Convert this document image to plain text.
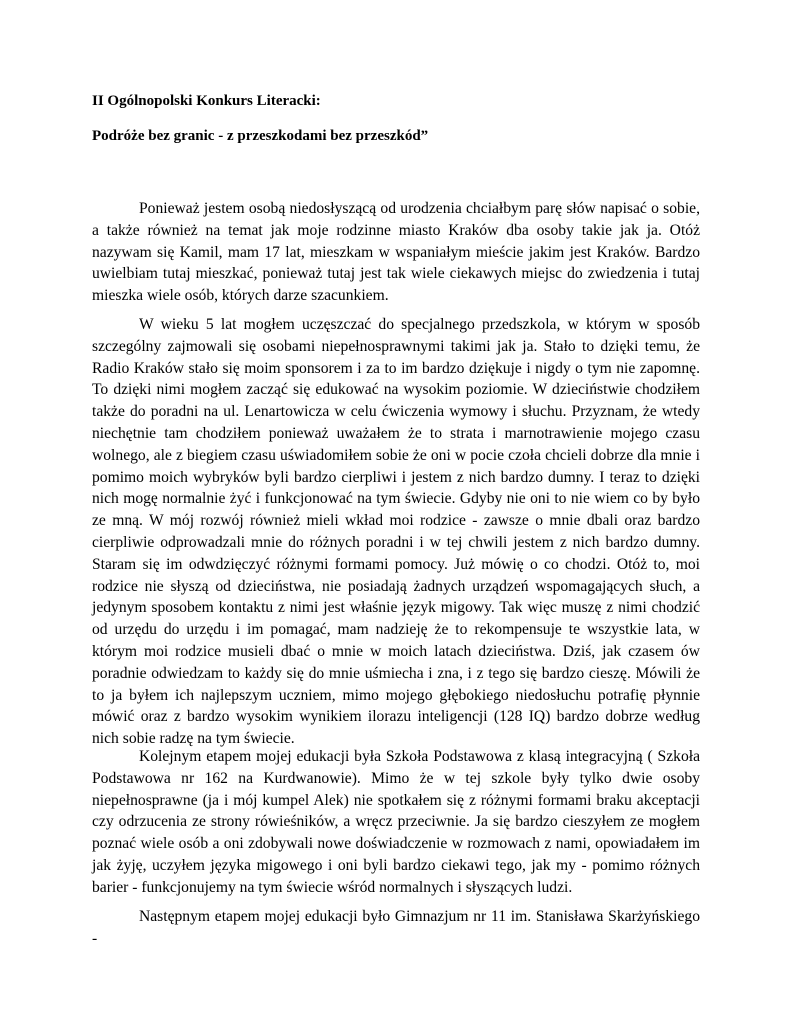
II Ogólnopolski Konkurs Literacki:

Podróże bez granic - z przeszkodami bez przeszkód”

Ponieważ jestem osobą niedosłyszącą od urodzenia chciałbym parę słów napisać o sobie, a także również na temat jak moje rodzinne miasto Kraków dba osoby takie jak ja. Otóż nazywam się Kamil, mam 17 lat, mieszkam w wspaniałym mieście jakim jest Kraków. Bardzo uwielbiam tutaj mieszkać, ponieważ tutaj jest tak wiele ciekawych miejsc do zwiedzenia i tutaj mieszka wiele osób, których darze szacunkiem.

W wieku 5 lat mogłem uczęszczać do specjalnego przedszkola, w którym w sposób szczególny zajmowali się osobami niepełnosprawnymi takimi jak ja. Stało to dzięki temu, że Radio Kraków stało się moim sponsorem i za to im bardzo dziękuje i nigdy o tym nie zapomnę. To dzięki nimi mogłem zacząć się edukować na wysokim poziomie. W dzieciństwie chodziłem także do poradni na ul. Lenartowicza w celu ćwiczenia wymowy i słuchu. Przyznam, że wtedy niechętnie tam chodziłem ponieważ uważałem że to strata i marnotrawienie mojego czasu wolnego, ale z biegiem czasu uświadomiłem sobie że oni w pocie czoła chcieli dobrze dla mnie i pomimo moich wybryków byli bardzo cierpliwi i jestem z nich bardzo dumny. I teraz to dzięki nich mogę normalnie żyć i funkcjonować na tym świecie. Gdyby nie oni to nie wiem co by było ze mną. W mój rozwój również mieli wkład moi rodzice - zawsze o mnie dbali oraz bardzo cierpliwie odprowadzali mnie do różnych poradni i w tej chwili jestem z nich bardzo dumny. Staram się im odwdzięczyć różnymi formami pomocy. Już mówię o co chodzi. Otóż to, moi rodzice nie słyszą od dzieciństwa, nie posiadają żadnych urządzeń wspomagających słuch, a jedynym sposobem kontaktu z nimi jest właśnie język migowy. Tak więc muszę z nimi chodzić od urzędu do urzędu i im pomagać, mam nadzieję że to rekompensuje te wszystkie lata, w którym moi rodzice musieli dbać o mnie w moich latach dzieciństwa. Dziś, jak czasem ów poradnie odwiedzam to każdy się do mnie uśmiecha i zna, i z tego się bardzo cieszę. Mówili że to ja byłem ich najlepszym uczniem, mimo mojego głębokiego niedosłuchu potrafię płynnie mówić oraz z bardzo wysokim wynikiem ilorazu inteligencji (128 IQ) bardzo dobrze według nich sobie radzę na tym świecie.

Kolejnym etapem mojej edukacji była Szkoła Podstawowa z klasą integracyjną ( Szkoła Podstawowa nr 162 na Kurdwanowie). Mimo że w tej szkole były tylko dwie osoby niepełnosprawne (ja i mój kumpel Alek) nie spotkałem się z różnymi formami braku akceptacji czy odrzucenia ze strony rówieśników, a wręcz przeciwnie. Ja się bardzo cieszyłem ze mogłem poznać wiele osób a oni zdobywali nowe doświadczenie w rozmowach z nami, opowiadałem im jak żyję, uczyłem języka migowego i oni byli bardzo ciekawi tego, jak my - pomimo różnych barier - funkcjonujemy na tym świecie wśród normalnych i słyszących ludzi.

Następnym etapem mojej edukacji było Gimnazjum nr 11 im. Stanisława Skarżyńskiego -
